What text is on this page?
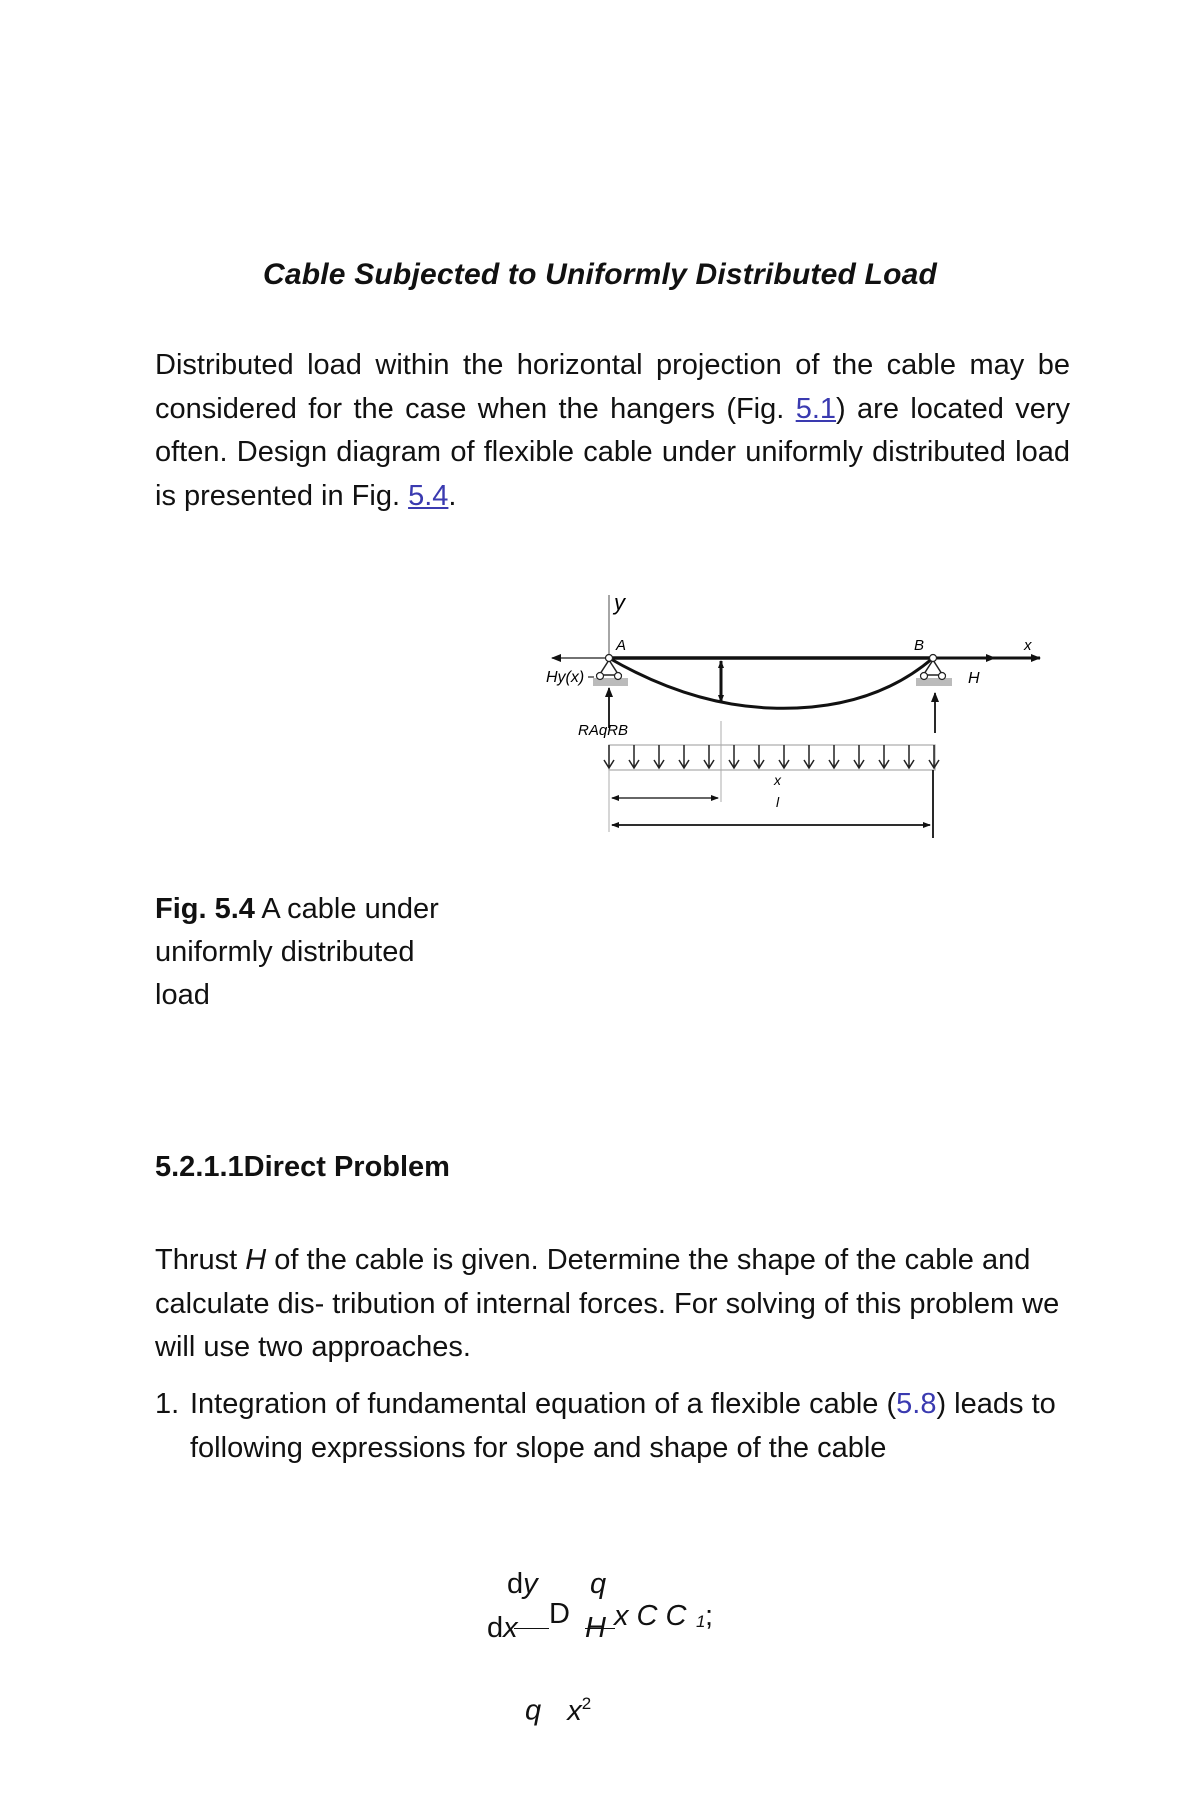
Cable Subjected to Uniformly Distributed Load
Distributed load within the horizontal projection of the cable may be considered for the case when the hangers (Fig. 5.1) are located very often. Design diagram of flexible cable under uniformly distributed load is presented in Fig. 5.4.
y
x
A	B
Hy(x)	H
RAqRB
x
l
Fig. 5.4 A cable under uniformly distributed load
5.2.1.1Direct Problem
Thrust H of the cable is given. Determine the shape of the cable and calculate dis- tribution of internal forces. For solving of this problem we will use two approaches.
1. Integration of fundamental equation of a flexible cable (5.8) leads to following expressions for slope and shape of the cable
dy
dx D
q
H x C C 1 ;
q $x^2$
